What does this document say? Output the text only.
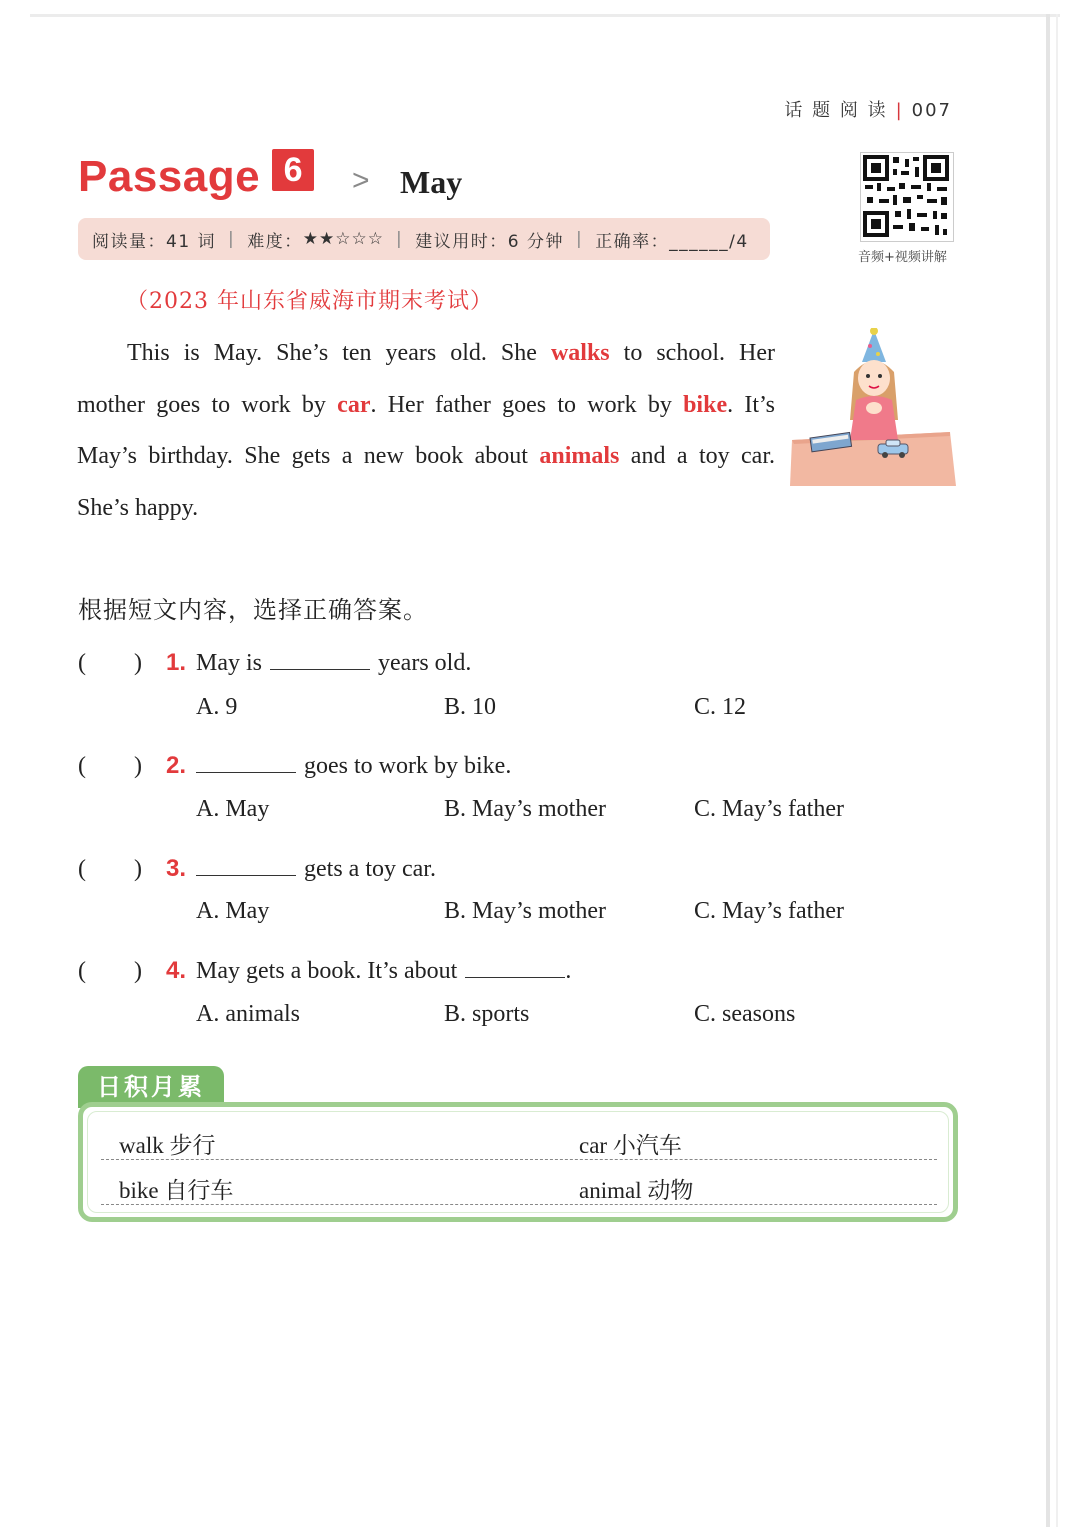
话 题 阅 读 | 007
Passage 6	> May
音频+视频讲解
阅读量：41 词 | 难度： ★★☆☆☆ | 建议用时：6 分钟 | 正确率：______/4
（2023 年山东省威海市期末考试）
This is May. She’s ten years old. She walks to school. Her
mother goes to work by car. Her father goes to work by bike. It’s
May’s birthday. She gets a new book about animals and a toy car.
She’s happy.
根据短文内容，选择正确答案。
(　　) 1. May is	years old.
A. 9	B. 10	C. 12
(　　) 2.	goes to work by bike.
A. May	B. May’s mother	C. May’s father
(　　) 3.	gets a toy car.
A. May	B. May’s mother	C. May’s father
(　　) 4. May gets a book. It’s about	.
A. animals	B. sports	C. seasons
日积月累
walk 步行	car 小汽车
bike 自行车	animal 动物
